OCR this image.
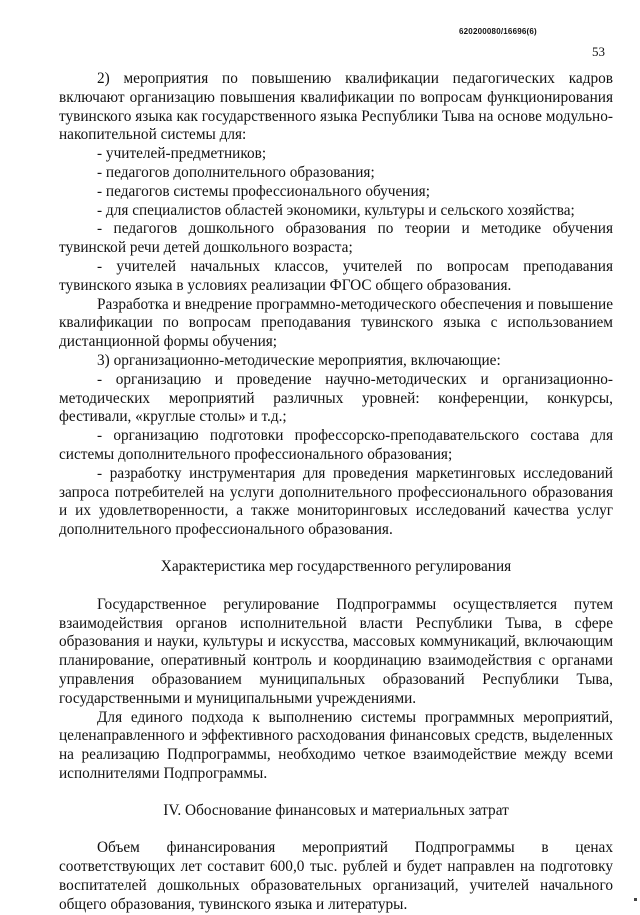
620200080/16696(6)
53

2) мероприятия по повышению квалификации педагогических кадров включают организацию повышения квалификации по вопросам функционирования тувинского языка как государственного языка Республики Тыва на основе модульно-накопительной системы для:

- учителей-предметников;

- педагогов дополнительного образования;

- педагогов системы профессионального обучения;

- для специалистов областей экономики, культуры и сельского хозяйства;

- педагогов дошкольного образования по теории и методике обучения тувинской речи детей дошкольного возраста;

- учителей начальных классов, учителей по вопросам преподавания тувинского языка в условиях реализации ФГОС общего образования.

Разработка и внедрение программно-методического обеспечения и повышение квалификации по вопросам преподавания тувинского языка с использованием дистанционной формы обучения;

3) организационно-методические мероприятия, включающие:

- организацию и проведение научно-методических и организационно-методических мероприятий различных уровней: конференции, конкурсы, фестивали, «круглые столы» и т.д.;

- организацию подготовки профессорско-преподавательского состава для системы дополнительного профессионального образования;

- разработку инструментария для проведения маркетинговых исследований запроса потребителей на услуги дополнительного профессионального образования и их удовлетворенности, а также мониторинговых исследований качества услуг дополнительного профессионального образования.

Характеристика мер государственного регулирования

Государственное регулирование Подпрограммы осуществляется путем взаимодействия органов исполнительной власти Республики Тыва, в сфере образования и науки, культуры и искусства, массовых коммуникаций, включающим планирование, оперативный контроль и координацию взаимодействия с органами управления образованием муниципальных образований Республики Тыва, государственными и муниципальными учреждениями.

Для единого подхода к выполнению системы программных мероприятий, целенаправленного и эффективного расходования финансовых средств, выделенных на реализацию Подпрограммы, необходимо четкое взаимодействие между всеми исполнителями Подпрограммы.

IV. Обоснование финансовых и материальных затрат

Объем финансирования мероприятий Подпрограммы в ценах соответствующих лет составит 600,0 тыс. рублей и будет направлен на подготовку воспитателей дошкольных образовательных организаций, учителей начального общего образования, тувинского языка и литературы.
